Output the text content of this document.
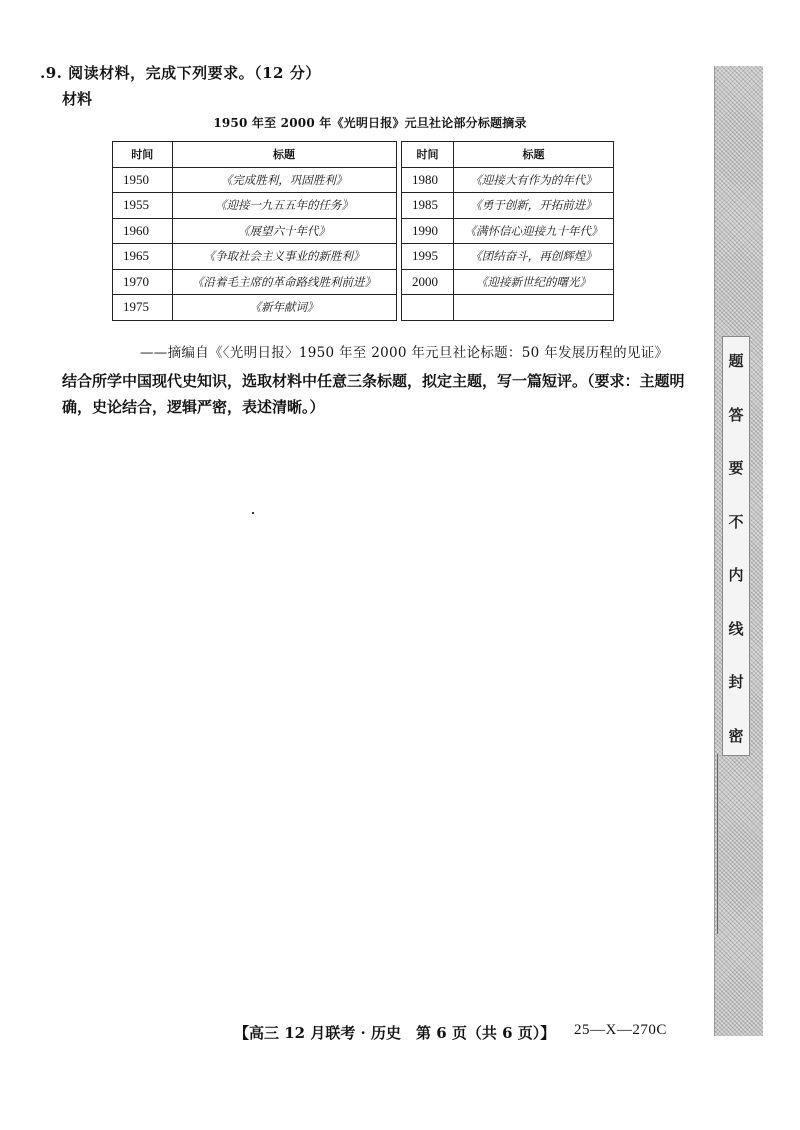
.9. 阅读材料，完成下列要求。（12 分）
材料
1950 年至 2000 年《光明日报》元旦社论部分标题摘录
时间	标题		时间	标题
1950	《完成胜利，巩固胜利》		1980	《迎接大有作为的年代》
1955	《迎接一九五五年的任务》		1985	《勇于创新，开拓前进》
1960	《展望六十年代》		1990	《满怀信心迎接九十年代》
1965	《争取社会主义事业的新胜利》		1995	《团结奋斗，再创辉煌》
1970	《沿着毛主席的革命路线胜利前进》		2000	《迎接新世纪的曙光》
1975	《新年献词》			
——摘编自《〈光明日报〉1950 年至 2000 年元旦社论标题：50 年发展历程的见证》
结合所学中国现代史知识，选取材料中任意三条标题，拟定主题，写一篇短评。（要求：主题明确，史论结合，逻辑严密，表述清晰。）
题
答
要
不
内
线
封
密
【高三 12 月联考 · 历史　第 6 页（共 6 页）】 25—X—270C
